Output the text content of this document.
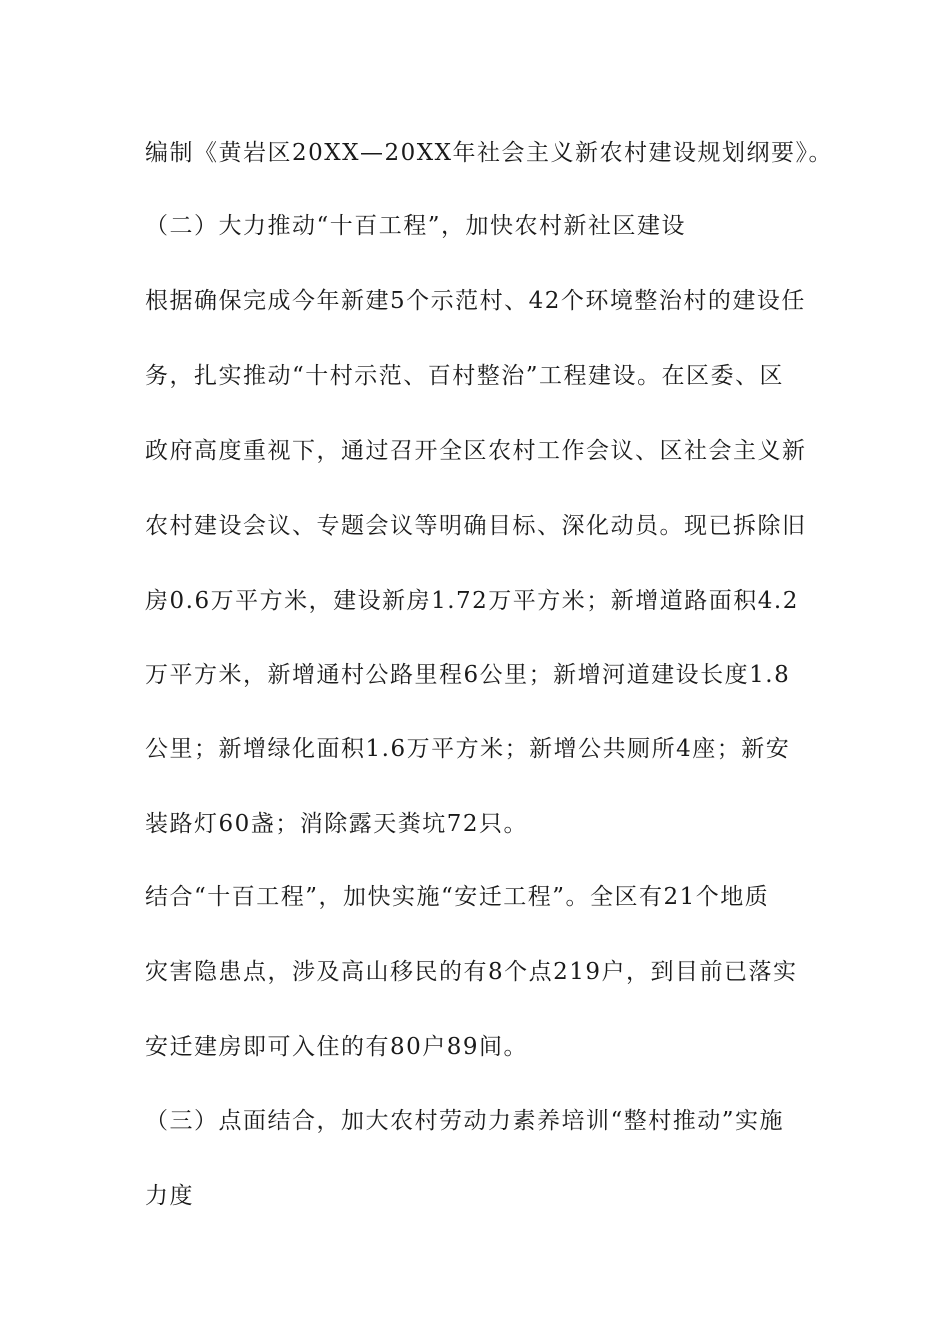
编制《黄岩区20XX—20XX年社会主义新农村建设规划纲要》。
（二）大力推动“十百工程”，加快农村新社区建设
根据确保完成今年新建5个示范村、42个环境整治村的建设任
务，扎实推动“十村示范、百村整治”工程建设。在区委、区
政府高度重视下，通过召开全区农村工作会议、区社会主义新
农村建设会议、专题会议等明确目标、深化动员。现已拆除旧
房0.6万平方米，建设新房1.72万平方米；新增道路面积4.2
万平方米，新增通村公路里程6公里；新增河道建设长度1.8
公里；新增绿化面积1.6万平方米；新增公共厕所4座；新安
装路灯60盏；消除露天粪坑72只。
结合“十百工程”，加快实施“安迁工程”。全区有21个地质
灾害隐患点，涉及高山移民的有8个点219户，到目前已落实
安迁建房即可入住的有80户89间。
（三）点面结合，加大农村劳动力素养培训“整村推动”实施
力度
